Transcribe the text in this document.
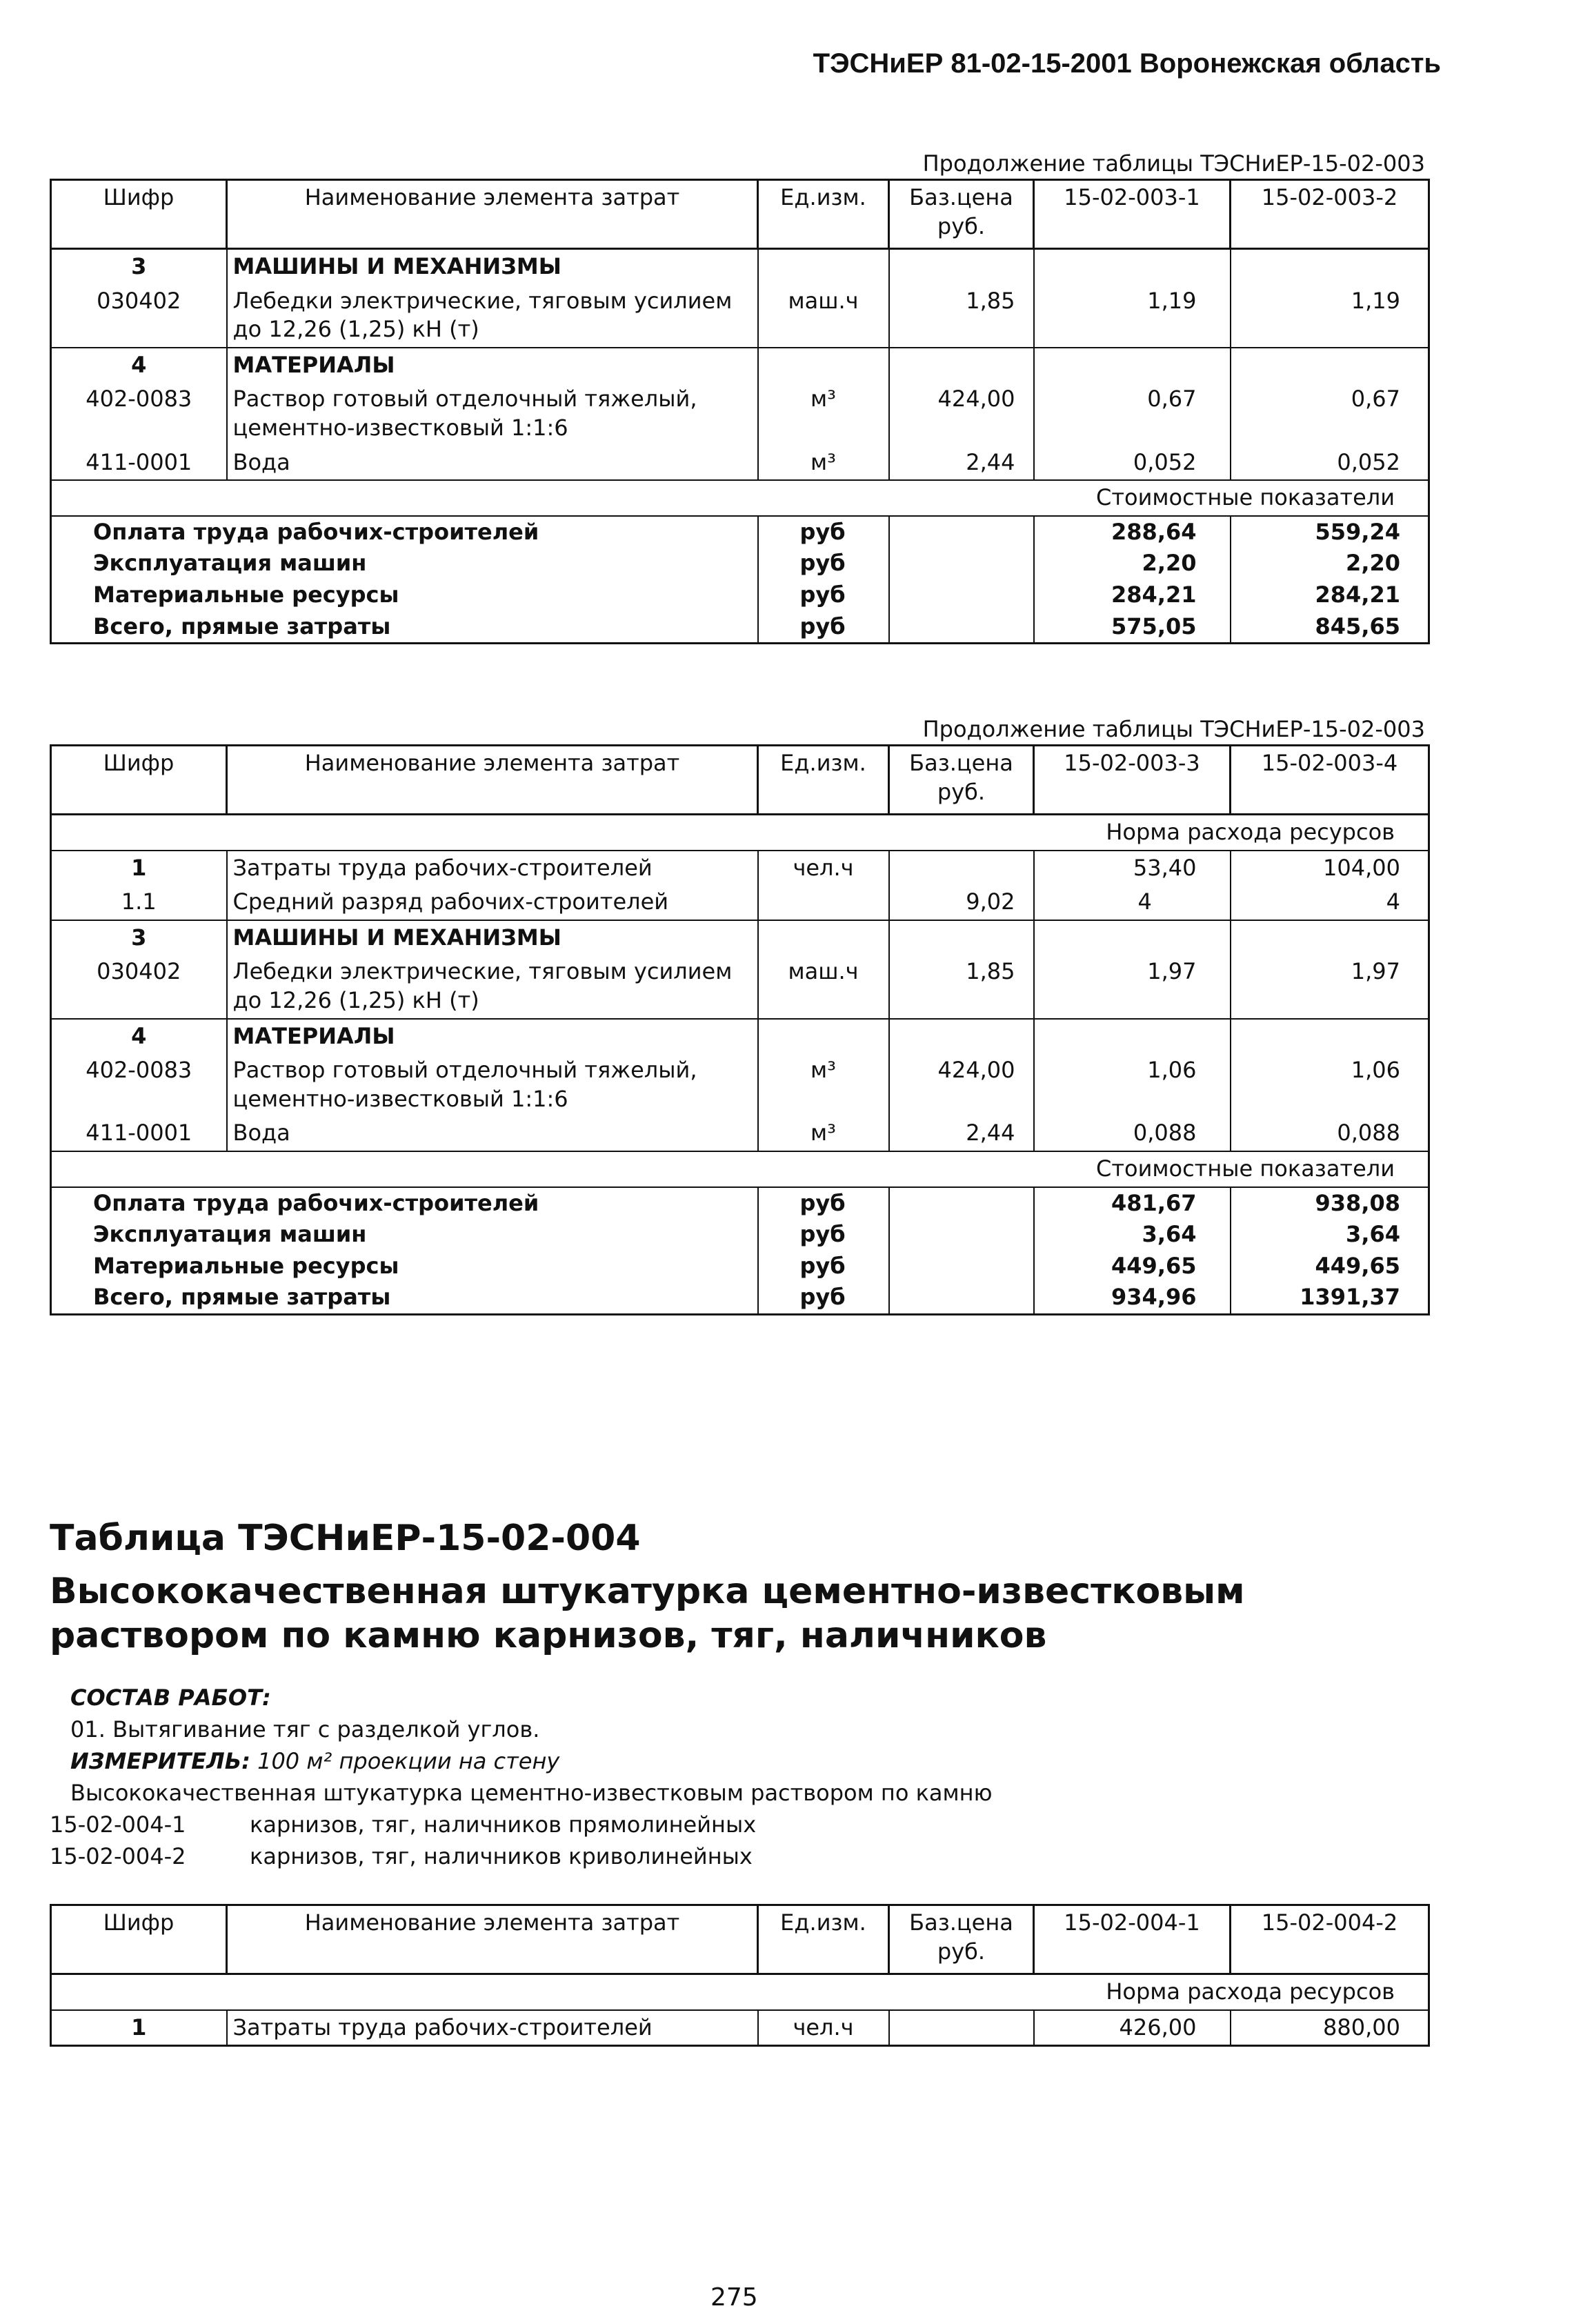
ТЭСНиЕР 81-02-15-2001 Воронежская область
Продолжение таблицы ТЭСНиЕР-15-02-003
Шифр	Наименование элемента затрат	Ед.изм.	Баз.цена руб.	15-02-003-1	15-02-003-2
3	МАШИНЫ И МЕХАНИЗМЫ				
030402	Лебедки электрические, тяговым усилием до 12,26 (1,25) кН (т)	маш.ч	1,85	1,19	1,19
4	МАТЕРИАЛЫ				
402-0083	Раствор готовый отделочный тяжелый, цементно-известковый 1:1:6	м³	424,00	0,67	0,67
411-0001	Вода	м³	2,44	0,052	0,052
Стоимостные показатели					
Оплата труда рабочих-строителей		руб		288,64	559,24
Эксплуатация машин		руб		2,20	2,20
Материальные ресурсы		руб		284,21	284,21
Всего, прямые затраты		руб		575,05	845,65
Продолжение таблицы ТЭСНиЕР-15-02-003
Шифр	Наименование элемента затрат	Ед.изм.	Баз.цена руб.	15-02-003-3	15-02-003-4
Норма расхода ресурсов					
1	Затраты труда рабочих-строителей	чел.ч		53,40	104,00
1.1	Средний разряд рабочих-строителей		9,02	4	4
3	МАШИНЫ И МЕХАНИЗМЫ				
030402	Лебедки электрические, тяговым усилием до 12,26 (1,25) кН (т)	маш.ч	1,85	1,97	1,97
4	МАТЕРИАЛЫ				
402-0083	Раствор готовый отделочный тяжелый, цементно-известковый 1:1:6	м³	424,00	1,06	1,06
411-0001	Вода	м³	2,44	0,088	0,088
Стоимостные показатели					
Оплата труда рабочих-строителей		руб		481,67	938,08
Эксплуатация машин		руб		3,64	3,64
Материальные ресурсы		руб		449,65	449,65
Всего, прямые затраты		руб		934,96	1391,37
Таблица ТЭСНиЕР-15-02-004
Высококачественная штукатурка цементно-известковым раствором по камню карнизов, тяг, наличников
СОСТАВ РАБОТ:
01. Вытягивание тяг с разделкой углов.
ИЗМЕРИТЕЛЬ: 100 м² проекции на стену
Высококачественная штукатурка цементно-известковым раствором по камню
15-02-004-1	карнизов, тяг, наличников прямолинейных
15-02-004-2	карнизов, тяг, наличников криволинейных
Шифр	Наименование элемента затрат	Ед.изм.	Баз.цена руб.	15-02-004-1	15-02-004-2
Норма расхода ресурсов					
1	Затраты труда рабочих-строителей	чел.ч		426,00	880,00
275
